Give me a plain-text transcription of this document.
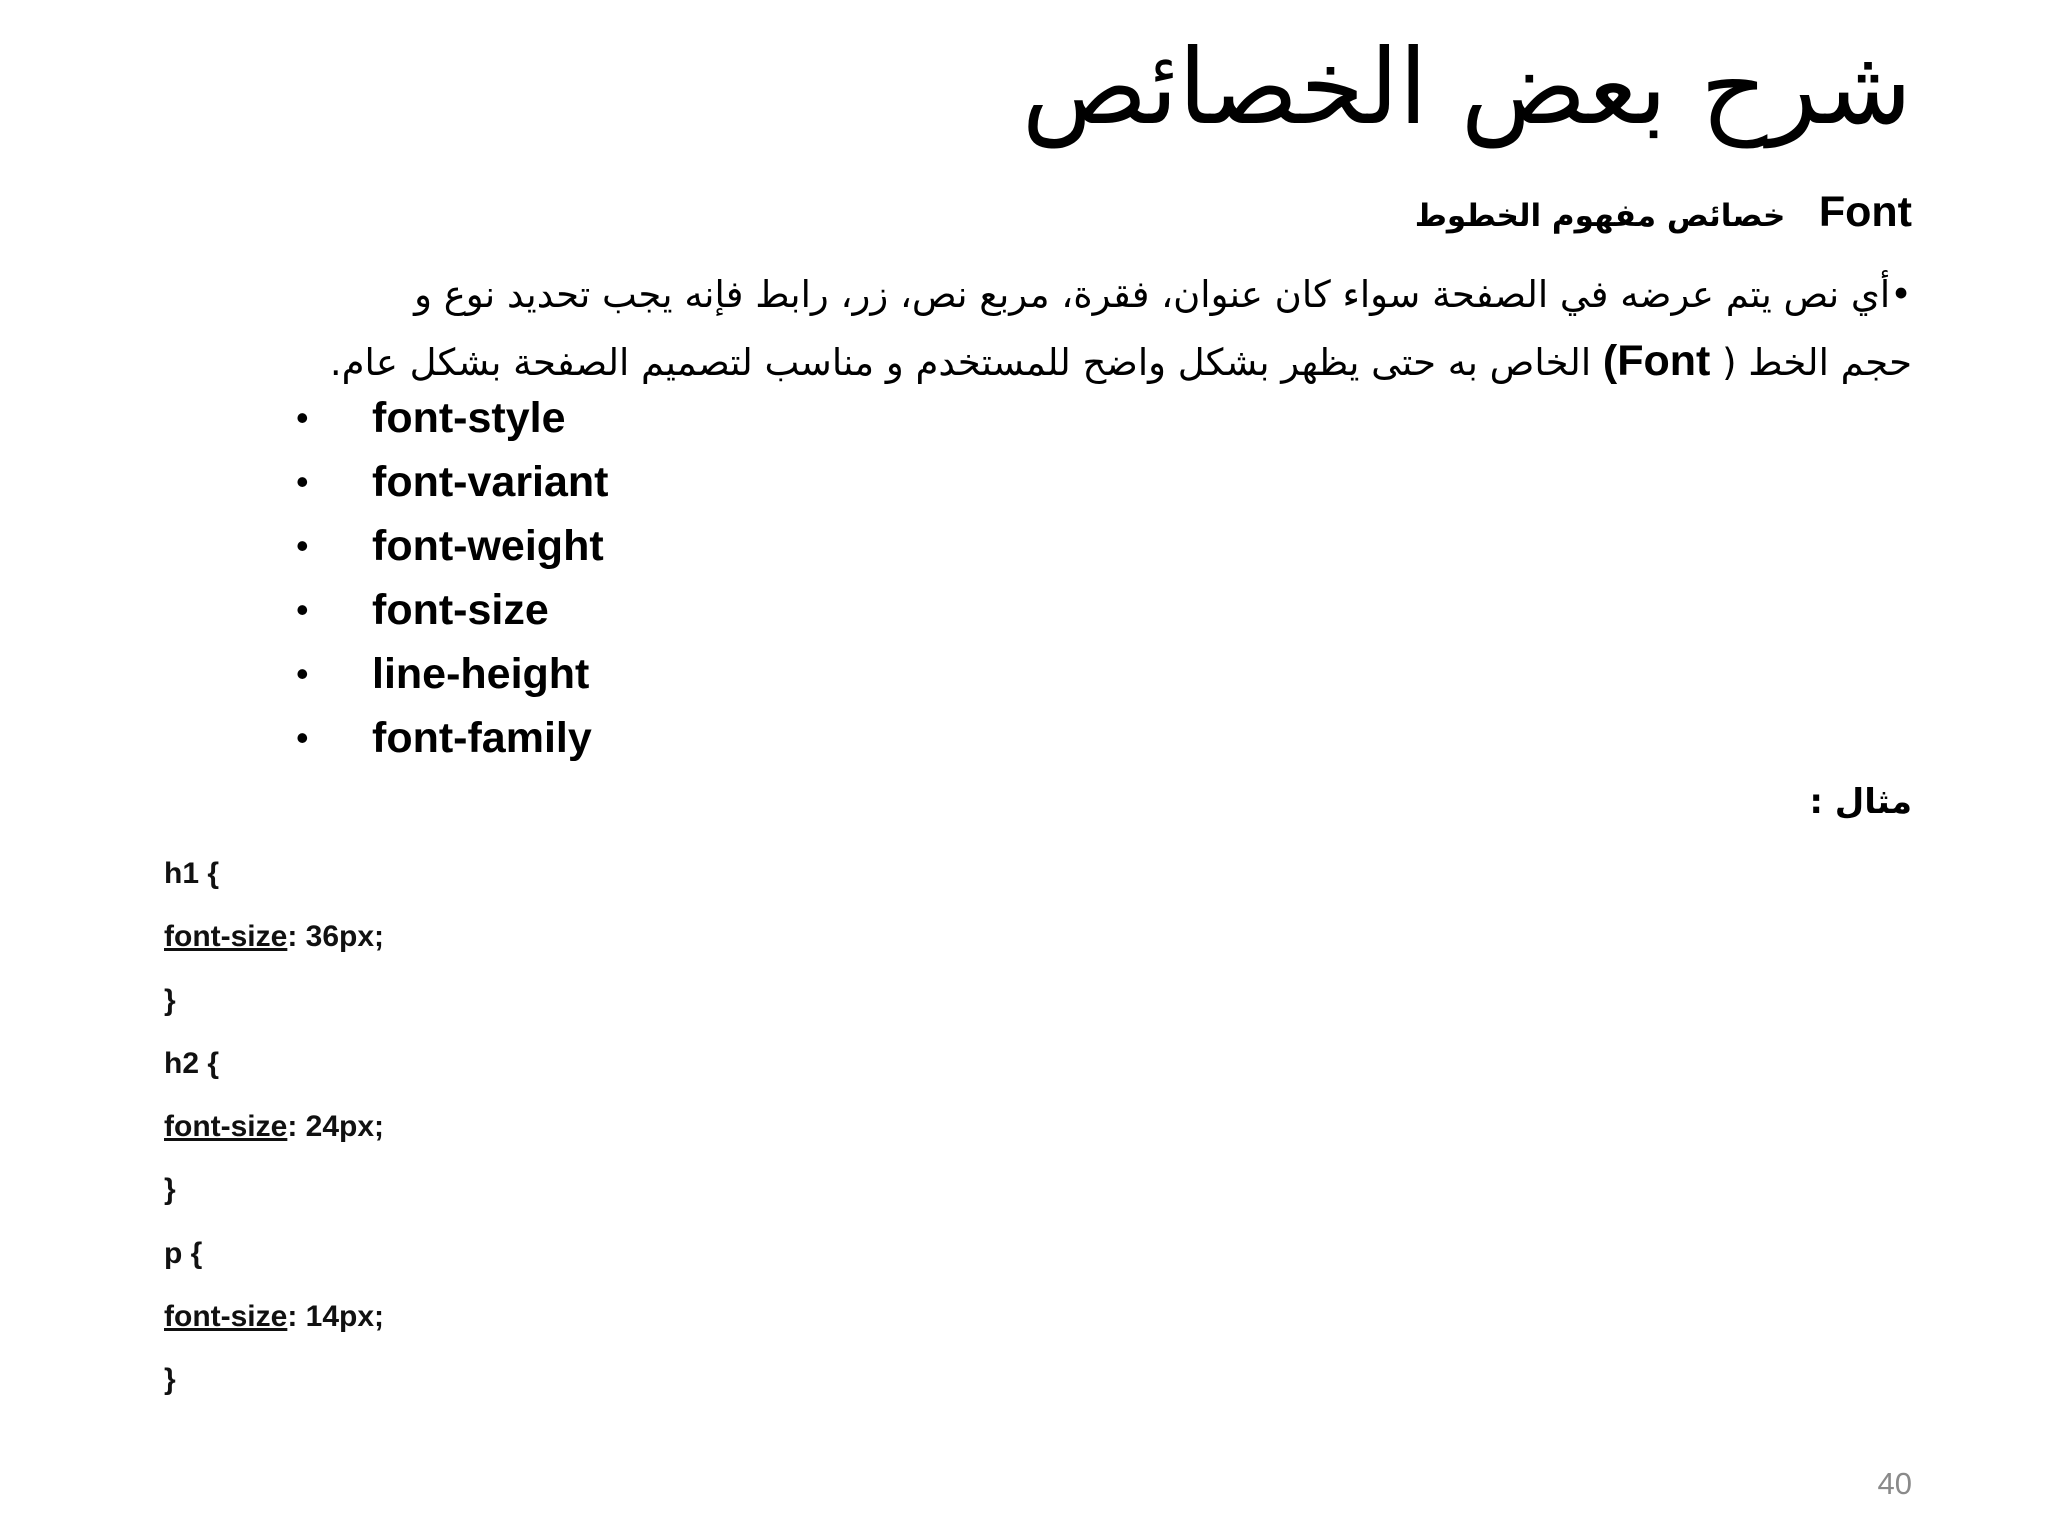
شرح بعض الخصائص
خصائص مفهوم الخطوط Font
•أي نص يتم عرضه في الصفحة سواء كان عنوان، فقرة، مربع نص، زر، رابط فإنه يجب تحديد نوع و
حجم الخط ( Font) الخاص به حتى يظهر بشكل واضح للمستخدم و مناسب لتصميم الصفحة بشكل عام.
• font-style
• font-variant
• font-weight
• font-size
• line-height
• font-family
مثال :
h1 {
font-size: 36px;
}
h2 {
font-size: 24px;
}
p {
font-size: 14px;
}
40
